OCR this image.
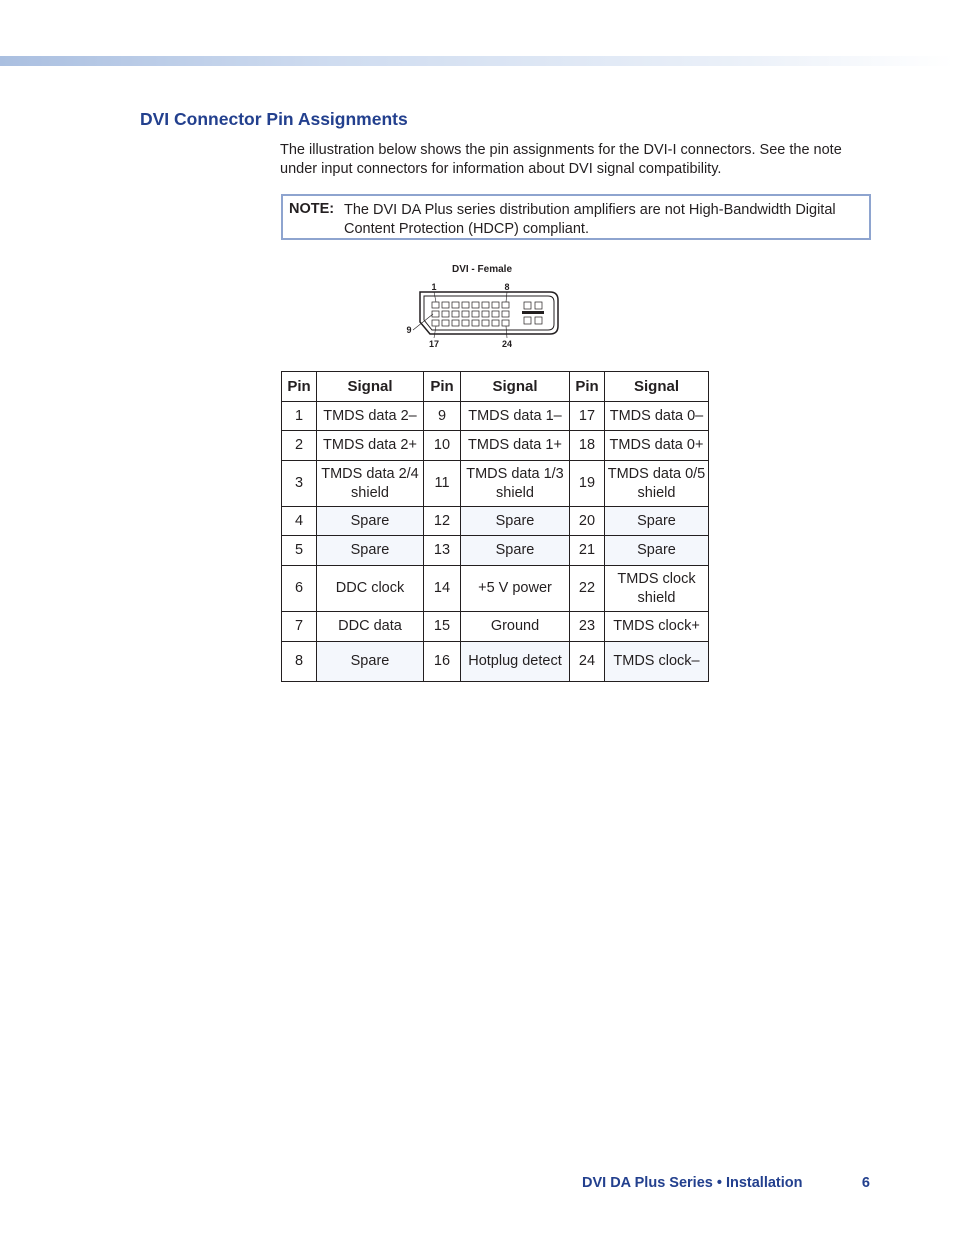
DVI Connector Pin Assignments

The illustration below shows the pin assignments for the DVI-I connectors. See the note under input connectors for information about DVI signal compatibility.

NOTE: The DVI DA Plus series distribution amplifiers are not High-Bandwidth Digital Content Protection (HDCP) compliant.
DVI - Female
1	8
9
17	24
Pin	Signal	Pin	Signal	Pin	Signal
1	TMDS data 2–	9	TMDS data 1–	17	TMDS data 0–
2	TMDS data 2+	10	TMDS data 1+	18	TMDS data 0+
3	TMDS data 2/4 shield	11	TMDS data 1/3 shield	19	TMDS data 0/5 shield
4	Spare	12	Spare	20	Spare
5	Spare	13	Spare	21	Spare
6	DDC clock	14	+5 V power	22	TMDS clock shield
7	DDC data	15	Ground	23	TMDS clock+
8	Spare	16	Hotplug detect	24	TMDS clock–
DVI DA Plus Series • Installation	6
